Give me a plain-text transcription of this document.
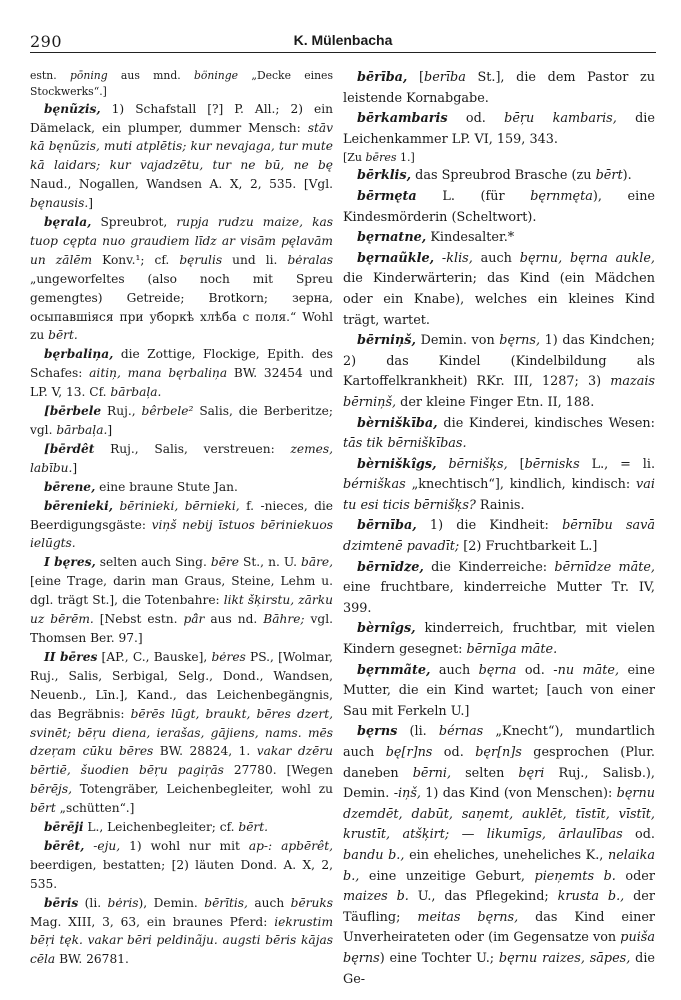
290	K. Mülenbacha

estn. pōning aus mnd. böninge „Decke eines Stockwerks“.]

bęnũzis, 1) Schafstall [?] P. All.; 2) ein Dämelack, ein plumper, dummer Mensch: stāv kā bęnũzis, muti atplētis; kur nevajaga, tur mute kā laidars; kur vajadzētu, tur ne bū, ne bę Naud., Nogallen, Wandsen A. X, 2, 535. [Vgl. bęnausis.]

bęrala, Spreubrot, rupja rudzu maize, kas tuop cępta nuo graudiem līdz ar visām pęlavām un zālēm Konv.¹; cf. bęrulis und li. bėralas „ungeworfeltes (also noch mit Spreu gemengtes) Getreide; Brotkorn; зерна, осыпавшiяся при уборкѣ хлѣба с поля.“ Wohl zu bērt.

bęrbaliņa, die Zottige, Flockige, Epith. des Schafes: aitiņ, mana bęrbaliņa BW. 32454 und LP. V, 13. Cf. bārbaļa.

[bērbele Ruj., bêrbele² Salis, die Berberitze; vgl. bārbaļa.]

[bērdêt Ruj., Salis, verstreuen: zemes, labību.]

bērene, eine braune Stute Jan.

bērenieki, bērinieki, bērnieki, f. -nieces, die Beerdigungsgäste: viņš nebij īstuos bēriniekuos ielūgts.

I bęres, selten auch Sing. bēre St., n. U. bāre, [eine Trage, darin man Graus, Steine, Lehm u. dgl. trägt St.], die Totenbahre: likt šķirstu, zārku uz bērēm. [Nebst estn. pä̂r aus nd. Bāhre; vgl. Thomsen Ber. 97.]

II bēres [AP., C., Bauske], bėres PS., [Wolmar, Ruj., Salis, Serbigal, Selg., Dond., Wandsen, Neuenb., Līn.], Kand., das Leichenbegängnis, das Begräbnis: bērēs lūgt, braukt, bēres dzert, svinēt; bēŗu diena, ierašas, gājiens, nams. mēs dzeŗam cūku bēres BW. 28824, 1. vakar dzēru bērtiē, šuodien bēŗu pagiŗās 27780. [Wegen bērējs, Totengräber, Leichenbegleiter, wohl zu bērt „schütten“.]

bērēji L., Leichenbegleiter; cf. bērt.

bērêt, -eju, 1) wohl nur mit ap-: apbērêt, beerdigen, bestatten; [2) läuten Dond. A. X, 2, 535.

bēris (li. bėris), Demin. bērītis, auch bēruks Mag. XIII, 3, 63, ein braunes Pferd: iekrustim bēŗi tęk. vakar bēri peldinãju. augsti bēris kājas cēla BW. 26781.

bērība, [berība St.], die dem Pastor zu leistende Kornabgabe.

bērkambaris od. bēŗu kambaris, die Leichenkammer LP. VI, 159, 343.

[Zu bēres 1.]

bērklis, das Spreubrod Brasche (zu bērt).

bērmęta L. (für bęrnmęta), eine Kindesmörderin (Scheltwort).

bęrnatne, Kindesalter.*

bęrnaũkle, -klis, auch bęrnu, bęrna aukle, die Kinderwärterin; das Kind (ein Mädchen oder ein Knabe), welches ein kleines Kind trägt, wartet.

bērniņš, Demin. von bęrns, 1) das Kindchen; 2) das Kindel (Kindelbildung als Kartoffelkrankheit) RKr. III, 1287; 3) mazais bērniņš, der kleine Finger Etn. II, 188.

bèrniškība, die Kinderei, kindisches Wesen: tās tik bērniškības.

bèrniškîgs, bērnišķs, [bērnisks L., = li. bérniškas „knechtisch“], kindlich, kindisch: vai tu esi ticis bērnišķs? Rainis.

bērnība, 1) die Kindheit: bērnību savā dzimtenē pavadīt; [2) Fruchtbarkeit L.]

bērnīdze, die Kinderreiche: bērnīdze māte, eine fruchtbare, kinderreiche Mutter Tr. IV, 399.

bèrnîgs, kinderreich, fruchtbar, mit vielen Kindern gesegnet: bērnīga māte.

bęrnmãte, auch bęrna od. -nu māte, eine Mutter, die ein Kind wartet; [auch von einer Sau mit Ferkeln U.]

bęrns (li. bérnas „Knecht“), mundartlich auch bę[r]ns od. bęr[n]s gesprochen (Plur. daneben bērni, selten bęri Ruj., Salisb.), Demin. -iņš, 1) das Kind (von Menschen): bęrnu dzemdēt, dabūt, saņemt, auklēt, tīstīt, vīstīt, krustīt, atšķirt; — likumīgs, ārlaulības od. bandu b., ein eheliches, uneheliches K., nelaika b., eine unzeitige Geburt, pieņemts b. oder maizes b. U., das Pflegekind; krusta b., der Täufling; meitas bęrns, das Kind einer Unverheirateten oder (im Gegensatze von puiša bęrns) eine Tochter U.; bęrnu raizes, sāpes, die Ge-
